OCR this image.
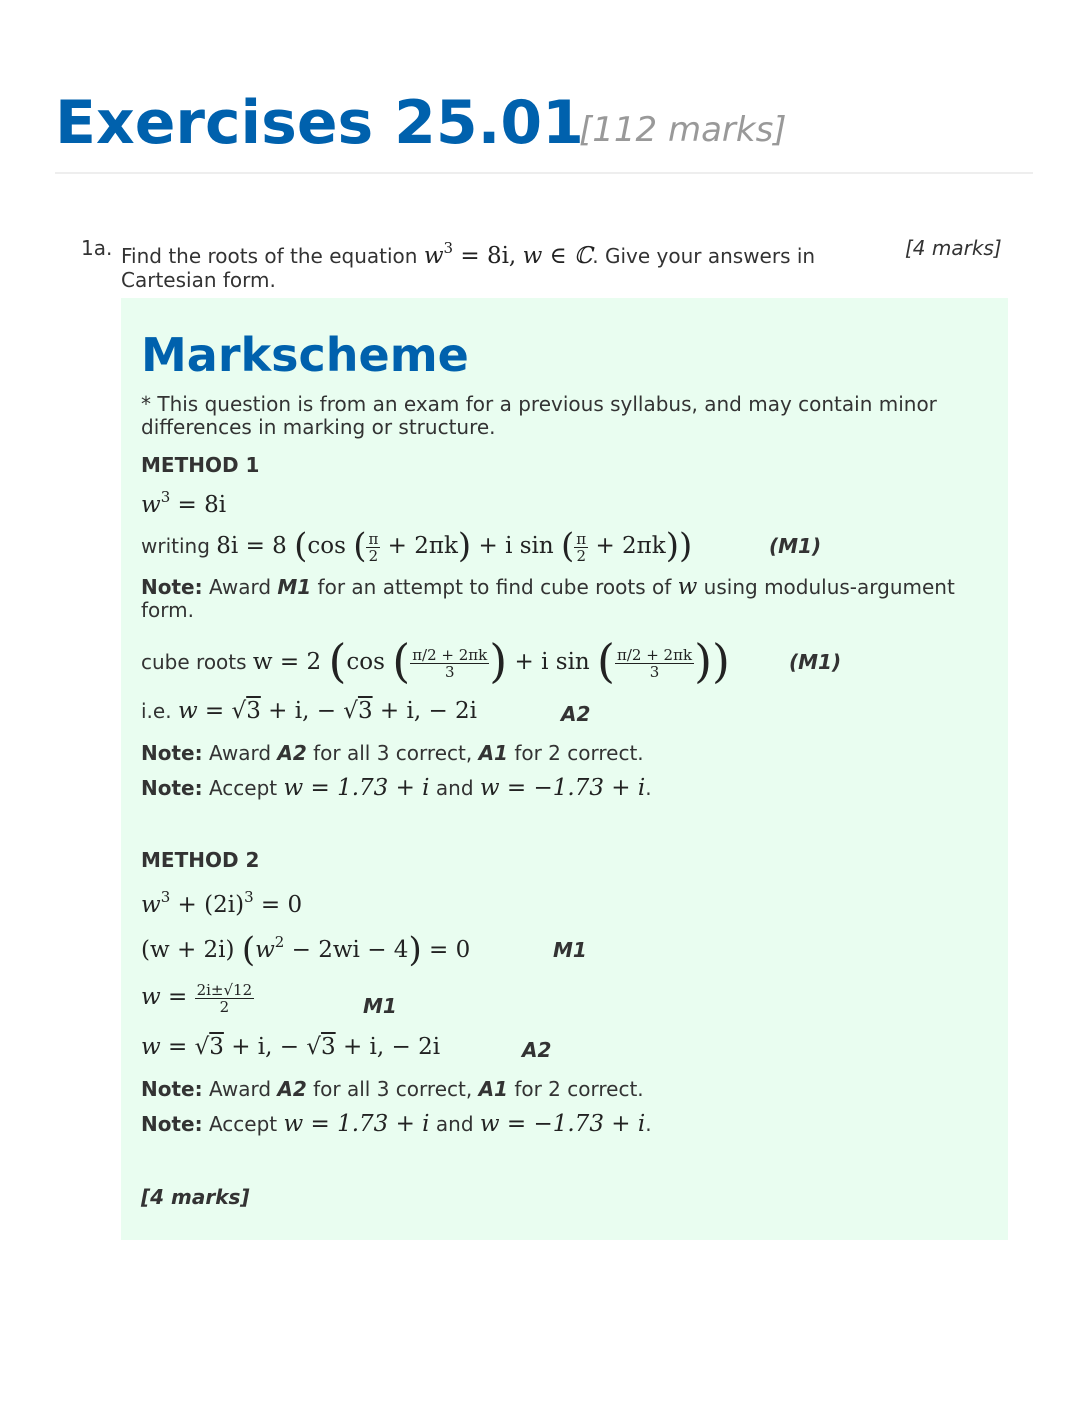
Exercises 25.01
[112 marks]
1a. Find the roots of the equation $w^3 = 8i$, w ∈ ℂ. Give your answers in Cartesian form.
[4 marks]
Markscheme
* This question is from an exam for a previous syllabus, and may contain minor differences in marking or structure.
METHOD 1
$w^3 = 8i$
writing 8i = 8 (cos ( $\frac{\pi}{2} + 2\pi k) + i$ sin ( $\frac{\pi}{2} + 2\pi k$))	(M1)
Note: Award M1 for an attempt to find cube roots of w using modulus-argument form.
cube roots w = 2 (cos ( $\frac{\pi/2 + 2\pi k}{3}$ ) + i sin ( $\frac{\pi/2 + 2\pi k}{3}$ ))	(M1)
i.e. w = √3 + i, − √3 + i, − 2i	A2
Note: Award A2 for all 3 correct, A1 for 2 correct.
Note: Accept w = 1.73 + i and w = −1.73 + i.
METHOD 2
$w^3 + (2i)^3 = 0$
(w + 2i) $(w^2 - 2wi - 4) = 0$	M1
$w = \frac{2i\pm√12}{2}$	M1
w = √3 + i, − √3 + i, − 2i	A2
Note: Award A2 for all 3 correct, A1 for 2 correct.
Note: Accept w = 1.73 + i and w = −1.73 + i.
[4 marks]
